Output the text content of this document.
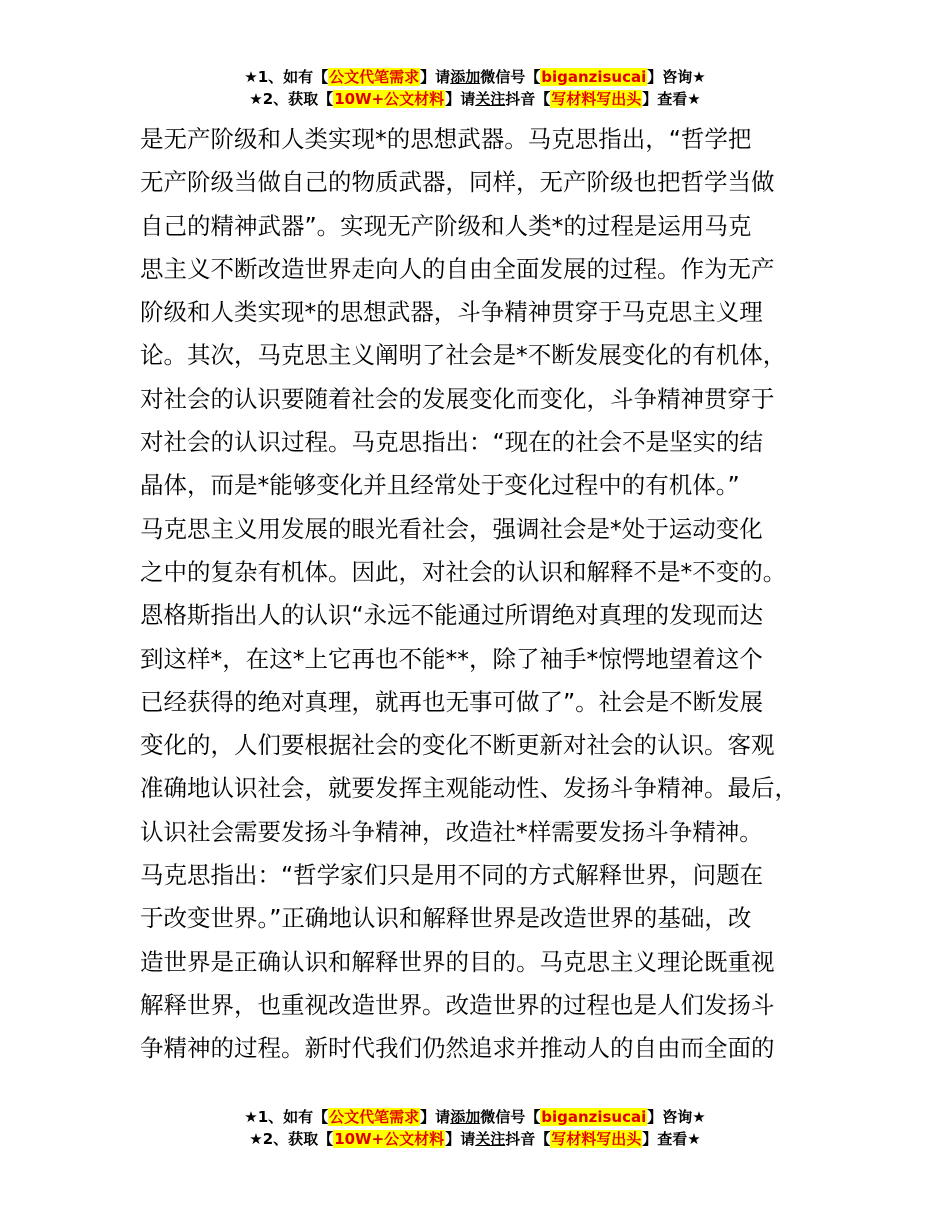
★1、如有【公文代笔需求】请添加微信号【biganzisucai】咨询★
★2、获取【10W+公文材料】请关注抖音【写材料写出头】查看★
是无产阶级和人类实现*的思想武器。马克思指出，“哲学把
无产阶级当做自己的物质武器，同样，无产阶级也把哲学当做
自己的精神武器”。实现无产阶级和人类*的过程是运用马克
思主义不断改造世界走向人的自由全面发展的过程。作为无产
阶级和人类实现*的思想武器，斗争精神贯穿于马克思主义理
论。其次，马克思主义阐明了社会是*不断发展变化的有机体，
对社会的认识要随着社会的发展变化而变化，斗争精神贯穿于
对社会的认识过程。马克思指出：“现在的社会不是坚实的结
晶体，而是*能够变化并且经常处于变化过程中的有机体。”
马克思主义用发展的眼光看社会，强调社会是*处于运动变化
之中的复杂有机体。因此，对社会的认识和解释不是*不变的。
恩格斯指出人的认识“永远不能通过所谓绝对真理的发现而达
到这样*，在这*上它再也不能**，除了袖手*惊愕地望着这个
已经获得的绝对真理，就再也无事可做了”。社会是不断发展
变化的，人们要根据社会的变化不断更新对社会的认识。客观
准确地认识社会，就要发挥主观能动性、发扬斗争精神。最后，
认识社会需要发扬斗争精神，改造社*样需要发扬斗争精神。
马克思指出：“哲学家们只是用不同的方式解释世界，问题在
于改变世界。”正确地认识和解释世界是改造世界的基础，改
造世界是正确认识和解释世界的目的。马克思主义理论既重视
解释世界，也重视改造世界。改造世界的过程也是人们发扬斗
争精神的过程。新时代我们仍然追求并推动人的自由而全面的
★1、如有【公文代笔需求】请添加微信号【biganzisucai】咨询★
★2、获取【10W+公文材料】请关注抖音【写材料写出头】查看★
